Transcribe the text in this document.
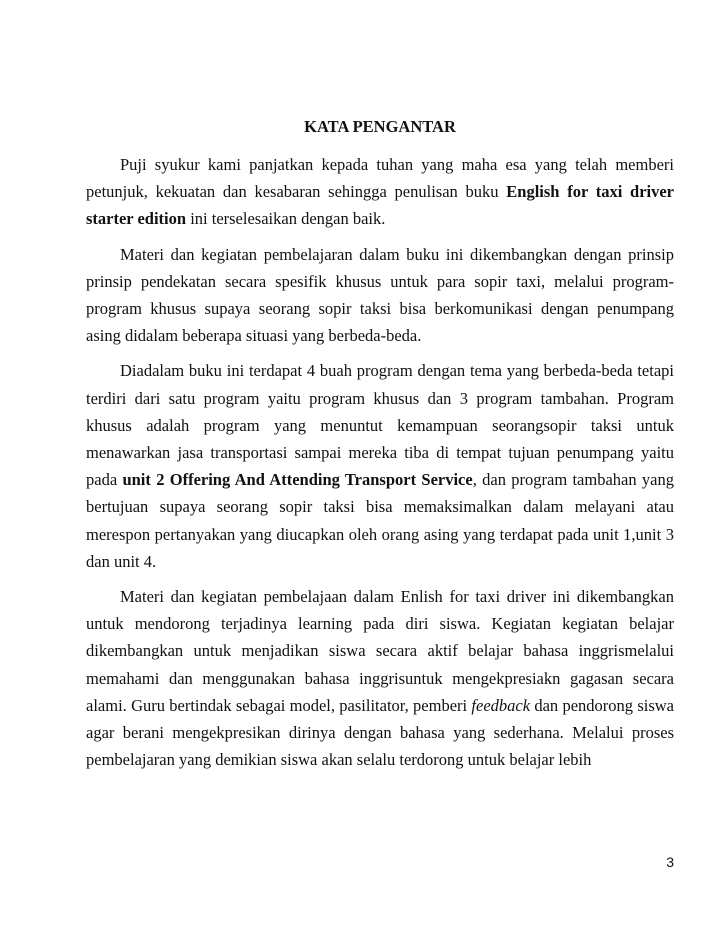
KATA PENGANTAR

Puji syukur kami panjatkan kepada tuhan yang maha esa yang telah memberi petunjuk, kekuatan dan kesabaran sehingga penulisan buku English for taxi driver starter edition ini terselesaikan dengan baik.

Materi dan kegiatan pembelajaran dalam buku ini dikembangkan dengan prinsip prinsip pendekatan secara spesifik khusus untuk para sopir taxi, melalui program-program khusus supaya seorang sopir taksi bisa berkomunikasi dengan penumpang asing didalam beberapa situasi yang berbeda-beda.

Diadalam buku ini terdapat 4 buah program dengan tema yang berbeda-beda tetapi terdiri dari satu program yaitu program khusus dan 3 program tambahan. Program khusus adalah program yang menuntut kemampuan seorangsopir taksi untuk menawarkan jasa transportasi sampai mereka tiba di tempat tujuan penumpang yaitu pada unit 2 Offering And Attending Transport Service, dan program tambahan yang bertujuan supaya seorang sopir taksi bisa memaksimalkan dalam melayani atau merespon pertanyakan yang diucapkan oleh orang asing yang terdapat pada unit 1,unit 3 dan unit 4.

Materi dan kegiatan pembelajaan dalam Enlish for taxi driver ini dikembangkan untuk mendorong terjadinya learning pada diri siswa. Kegiatan kegiatan belajar dikembangkan untuk menjadikan siswa secara aktif belajar bahasa inggrismelalui memahami dan menggunakan bahasa inggrisuntuk mengekpresiakn gagasan secara alami. Guru bertindak sebagai model, pasilitator, pemberi feedback dan pendorong siswa agar berani mengekpresikan dirinya dengan bahasa yang sederhana. Melalui proses pembelajaran yang demikian siswa akan selalu terdorong untuk belajar lebih

3
